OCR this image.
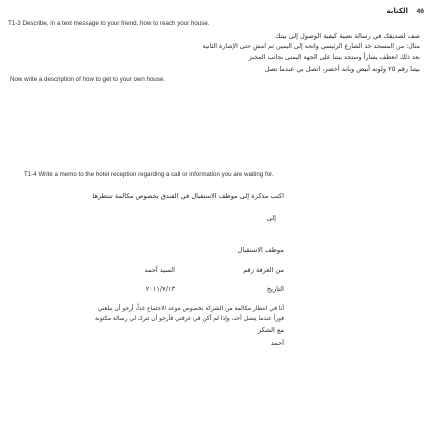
46
الكتابة
T1-3 Describe, in a text message to your friend, how to reach your house.
صف لصديقك في رسالة نصية كيفية الوصول إلى بيتك
مثال: من المسجد خذ الشارع الرئيسي واتجه إلى اليمين ثم امشِ حتى الإشارة الثانية
بعد ذلك انعطف يساراً وستجد بيتنا على الجهة اليمنى بجانب المخبز
بيتنا رقم ٢٥ ولونه أبيض وبابه أخضر، اتصل بي عندما تصل
Now write a description of how to get to your own house.
T1-4 Write a memo to the hotel reception regarding a call or information you are waiting for.
اكتب مذكرة إلى موظف الاستقبال في الفندق بخصوص مكالمة تنتظرها
إلى
موظف الاستقبال
من الغرفة رقم
السيد أحمد
التاريخ
٢٠١١/٧/١٣
أنا في انتظار مكالمة من الشركة بخصوص موعد الاجتماع غداً، أرجو أن تبلغني
فوراً عندما يتصل أحد، وإذا لم أكن في غرفتي فأرجو أن تترك لي رسالة مكتوبة
مع الشكر
أحمد
